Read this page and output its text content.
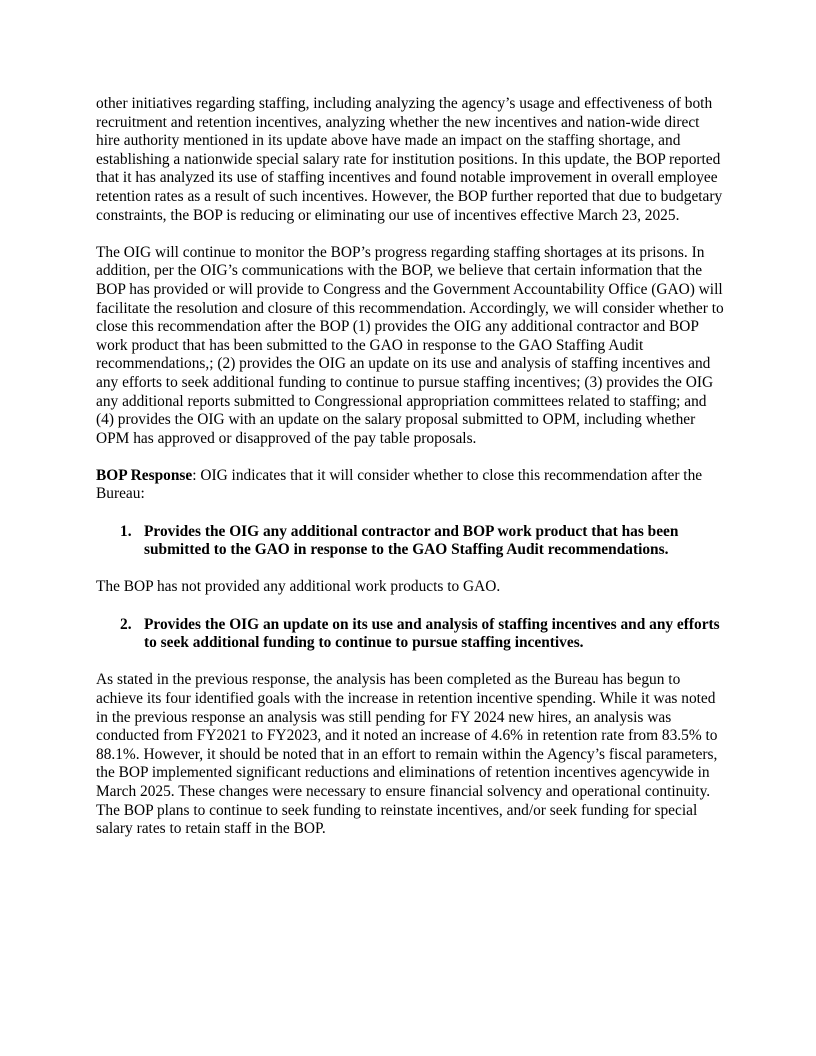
other initiatives regarding staffing, including analyzing the agency’s usage and effectiveness of both recruitment and retention incentives, analyzing whether the new incentives and nation-wide direct hire authority mentioned in its update above have made an impact on the staffing shortage, and establishing a nationwide special salary rate for institution positions. In this update, the BOP reported that it has analyzed its use of staffing incentives and found notable improvement in overall employee retention rates as a result of such incentives. However, the BOP further reported that due to budgetary constraints, the BOP is reducing or eliminating our use of incentives effective March 23, 2025.

The OIG will continue to monitor the BOP’s progress regarding staffing shortages at its prisons. In addition, per the OIG’s communications with the BOP, we believe that certain information that the BOP has provided or will provide to Congress and the Government Accountability Office (GAO) will facilitate the resolution and closure of this recommendation. Accordingly, we will consider whether to close this recommendation after the BOP (1) provides the OIG any additional contractor and BOP work product that has been submitted to the GAO in response to the GAO Staffing Audit recommendations,; (2) provides the OIG an update on its use and analysis of staffing incentives and any efforts to seek additional funding to continue to pursue staffing incentives; (3) provides the OIG any additional reports submitted to Congressional appropriation committees related to staffing; and (4) provides the OIG with an update on the salary proposal submitted to OPM, including whether OPM has approved or disapproved of the pay table proposals.

BOP Response: OIG indicates that it will consider whether to close this recommendation after the Bureau:

1. Provides the OIG any additional contractor and BOP work product that has been submitted to the GAO in response to the GAO Staffing Audit recommendations.

The BOP has not provided any additional work products to GAO.

2. Provides the OIG an update on its use and analysis of staffing incentives and any efforts to seek additional funding to continue to pursue staffing incentives.

As stated in the previous response, the analysis has been completed as the Bureau has begun to achieve its four identified goals with the increase in retention incentive spending. While it was noted in the previous response an analysis was still pending for FY 2024 new hires, an analysis was conducted from FY2021 to FY2023, and it noted an increase of 4.6% in retention rate from 83.5% to 88.1%. However, it should be noted that in an effort to remain within the Agency’s fiscal parameters, the BOP implemented significant reductions and eliminations of retention incentives agencywide in March 2025. These changes were necessary to ensure financial solvency and operational continuity. The BOP plans to continue to seek funding to reinstate incentives, and/or seek funding for special salary rates to retain staff in the BOP.
